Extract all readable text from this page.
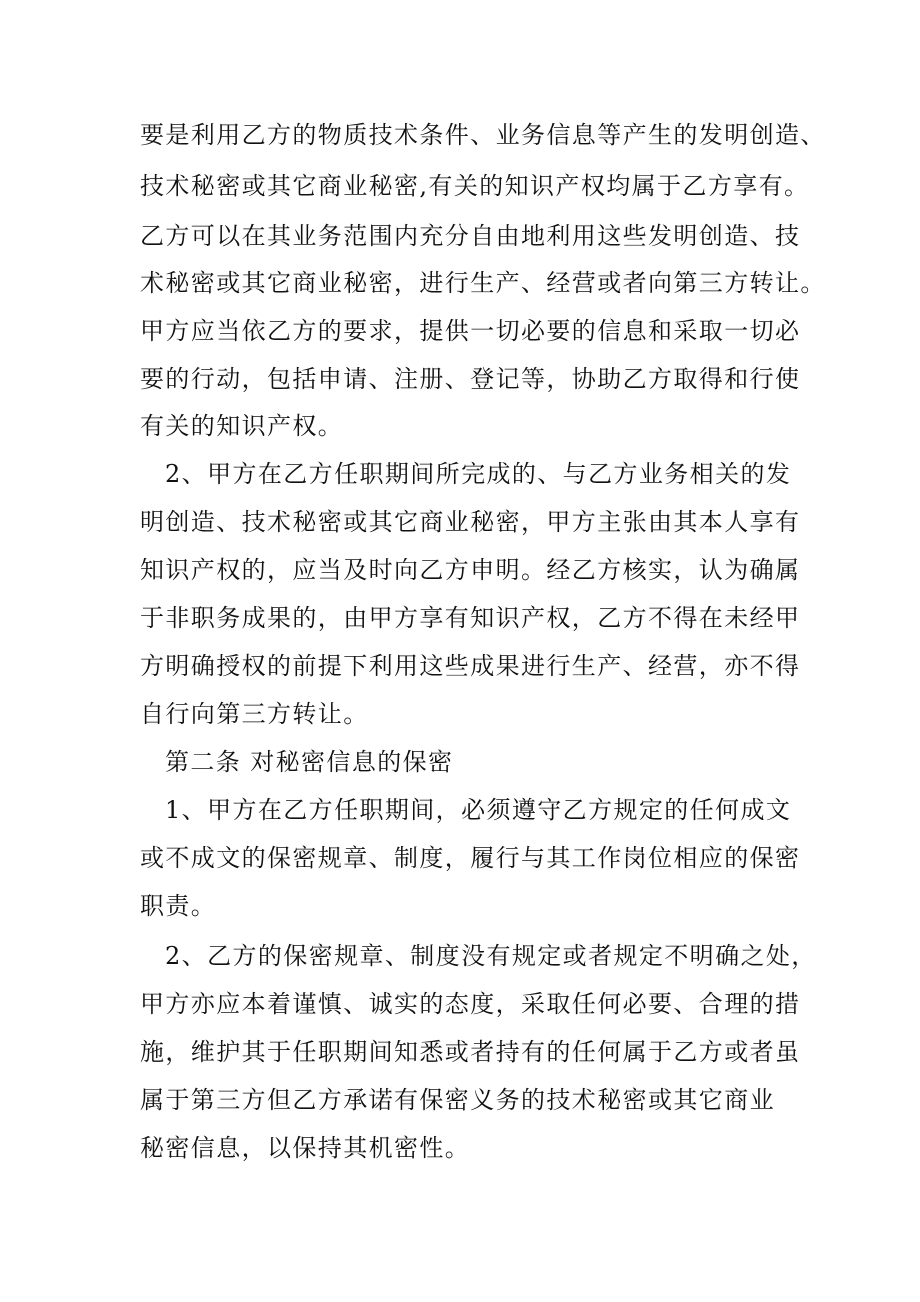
要是利用乙方的物质技术条件、业务信息等产生的发明创造、
技术秘密或其它商业秘密,有关的知识产权均属于乙方享有。
乙方可以在其业务范围内充分自由地利用这些发明创造、技
术秘密或其它商业秘密，进行生产、经营或者向第三方转让。
甲方应当依乙方的要求，提供一切必要的信息和采取一切必
要的行动，包括申请、注册、登记等，协助乙方取得和行使
有关的知识产权。
2、甲方在乙方任职期间所完成的、与乙方业务相关的发
明创造、技术秘密或其它商业秘密，甲方主张由其本人享有
知识产权的，应当及时向乙方申明。经乙方核实，认为确属
于非职务成果的，由甲方享有知识产权，乙方不得在未经甲
方明确授权的前提下利用这些成果进行生产、经营，亦不得
自行向第三方转让。
第二条 对秘密信息的保密
1、甲方在乙方任职期间，必须遵守乙方规定的任何成文
或不成文的保密规章、制度，履行与其工作岗位相应的保密
职责。
2、乙方的保密规章、制度没有规定或者规定不明确之处，
甲方亦应本着谨慎、诚实的态度，采取任何必要、合理的措
施，维护其于任职期间知悉或者持有的任何属于乙方或者虽
属于第三方但乙方承诺有保密义务的技术秘密或其它商业
秘密信息，以保持其机密性。
